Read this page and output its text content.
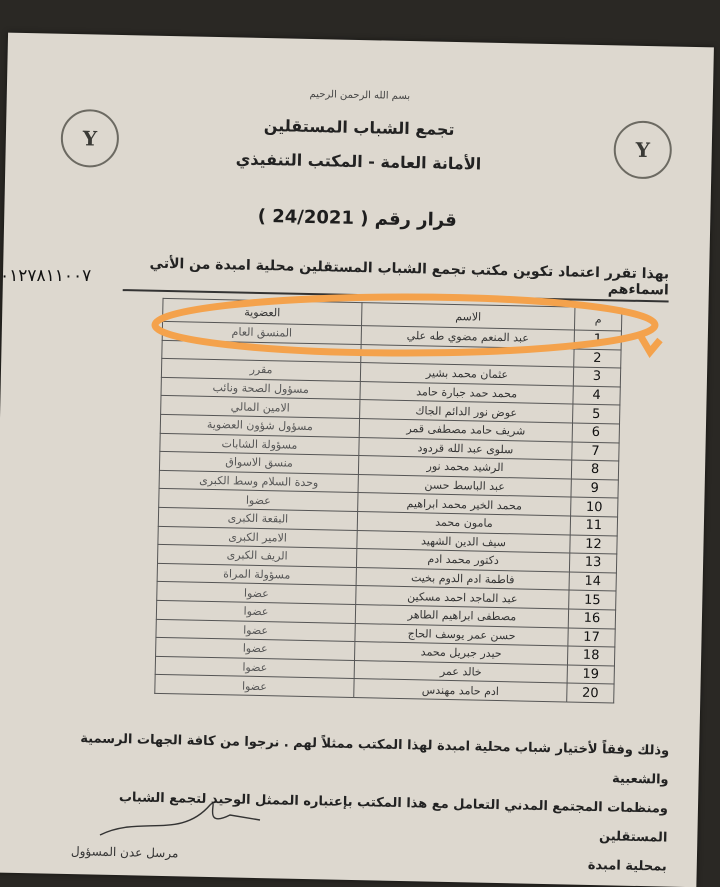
Y	Y
بسم الله الرحمن الرحيم
تجمع الشباب المستقلين
الأمانة العامة - المكتب التنفيذي
قرار رقم ( 24/2021 )
بهذا تقرر اعتماد تكوين مكتب تجمع الشباب المستقلين محلية امبدة من الأتي اسماءهم
م	الاسم	العضوية
1	عبد المنعم مضوي طه علي	المنسق العام
2		
3	عثمان محمد بشير	مقرر
4	محمد حمد جبارة حامد	مسؤول الصحة ونائب
5	عوض نور الدائم الجاك	الامين المالي
6	شريف حامد مصطفى قمر	مسؤول شؤون العضوية
7	سلوى عبد الله قردود	مسؤولة الشابات
8	الرشيد محمد نور	منسق الاسواق
9	عبد الباسط حسن	وحدة السلام وسط الكبرى
10	محمد الخير محمد ابراهيم	عضوا
11	مامون محمد	البقعة الكبرى
12	سيف الدين الشهيد	الامير الكبرى
13	دكتور محمد ادم	الريف الكبرى
14	فاطمة ادم الدوم بخيت	مسؤولة المراة
15	عبد الماجد احمد مسكين	عضوا
16	مصطفى ابراهيم الطاهر	عضوا
17	حسن عمر يوسف الحاج	عضوا
18	حيدر جبريل محمد	عضوا
19	خالد عمر	عضوا
20	ادم حامد مهندس	عضوا

وذلك وفقاً لأختيار شباب محلية امبدة لهذا المكتب ممثلاً لهم . نرجوا من كافة الجهات الرسمية والشعبية

ومنظمات المجتمع المدني التعامل مع هذا المكتب بإعتباره الممثل الوحيد لتجمع الشباب المستقلين

بمحلية امبدة

مرسل عدن المسؤول
٠١٢٧٨١١٠٠٧
